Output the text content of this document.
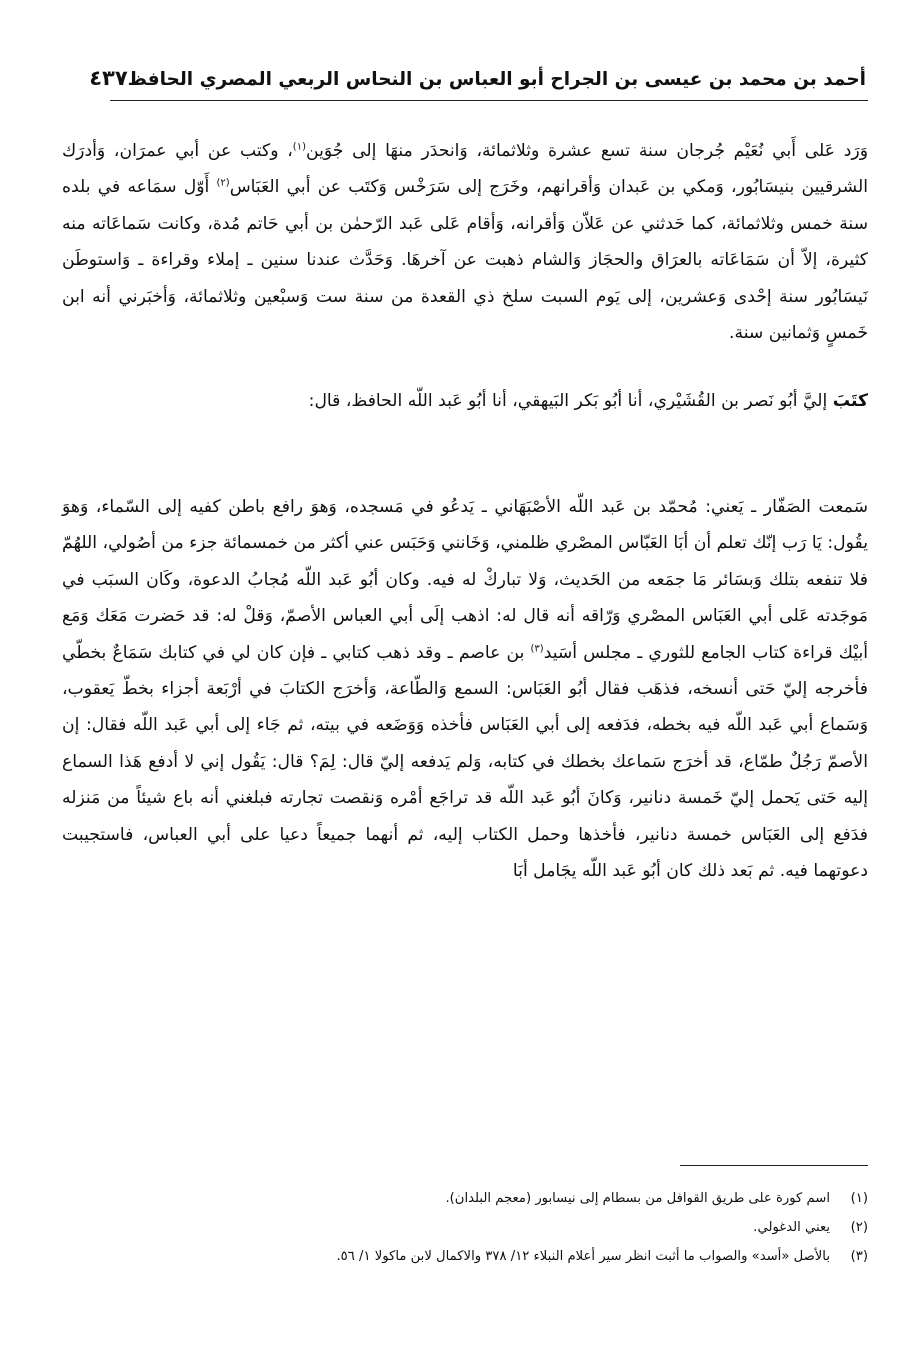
أحمد بن محمد بن عيسى بن الجراح أبو العباس بن النحاس الربعي المصري الحافظ
٤٣٧

وَرَد عَلى أَبي نُعَيْم جُرجان سنة تسع عشرة وثلاثمائة، وَانحدَر منهَا إلى جُوَين$^{(١)}$، وكتب عن أبي عمرَان، وَأدرَك الشرقيين بنيسَابُور، وَمكي بن عَبدان وَأقرانهم، وخَرَج إلى سَرَخْس وَكتَب عن أبي العَبَاس$^{(٢)}$ أَوّل سمَاعه في بلده سنة خمس وثلاثمائة، كما حَدثني عن عَلاّن وَأقرانه، وَأقام عَلى عَبد الرّحمٰن بن أبي حَاتم مُدة، وكانت سَماعَاته منه كثيرة، إلاّ أن سَمَاعَاته بالعرَاق والحجَاز وَالشام ذهبت عن آخرهَا. وَحَدَّث عندنا سنين ـ إملاء وقراءة ـ وَاستوطَن نَيسَابُور سنة إحْدى وَعشرين، إلى يَوم السبت سلخ ذي القعدة من سنة ست وَسبْعين وثلاثمائة، وَأخبَرني أنه ابن خَمسٍ وَثمانين سنة.

كتَبَ إليَّ أبُو نَصر بن القُشَيْري، أنا أبُو بَكر البَيهقي، أنا أبُو عَبد اللّه الحافظ، قال:

سَمعت الصَفّار ـ يَعني: مُحمّد بن عَبد اللّه الأصْبَهَاني ـ يَدعُو في مَسجده، وَهوَ رافع باطن كفيه إلى السّماء، وَهوَ يقُول: يَا رَب إنّك تعلم أن أبَا العَبّاس المصْري ظلمني، وَخَانني وَحَبَس عني أكثر من خمسمائة جزء من أصُولي، اللهُمّ فلا تنفعه بتلك وَبسَائر مَا جمَعه من الحَديث، وَلا تباركْ له فيه. وكان أبُو عَبد اللّه مُجابُ الدعوة، وكَان السبَب في مَوجَدته عَلى أبي العَبَاس المصْري وَرّاقه أنه قال له: اذهب إلَى أبي العباس الأصمّ، وَقلْ له: قد حَضرت مَعَك وَمَع أبيْك قراءة كتاب الجامع للثوري ـ مجلس أسَيد$^{(٣)}$ بن عاصم ـ وقد ذهب كتابي ـ فإن كان لي في كتابك سَمَاعٌ بخطّي فأخرجه إليّ حَتى أنسخه، فذهَب فقال أبُو العَبَاس: السمع وَالطّاعة، وَأخرَج الكتابَ في أرْبَعة أجزاء بخطّ يَعقوب، وَسَماع أبي عَبد اللّه فيه بخطه، فدَفعه إلى أبي العَبَاس فأخذه وَوَضَعه في بيته، ثم جَاء إلى أبي عَبد اللّه فقال: إن الأصمّ رَجُلٌ طمّاع، قد أخرَج سَماعك بخطك في كتابه، وَلم يَدفعه إليّ قال: لِمَ؟ قال: يَقُول إني لا أدفع هَذا السماع إليه حَتى يَحمل إليّ خَمسة دنانير، وَكانَ أبُو عَبد اللّه قد تراجَع أمْره وَنقصت تجارته فبلغني أنه باع شيئاً من مَنزله فدَفع إلى العَبَاس خمسة دنانير، فأخذها وحمل الكتاب إليه، ثم أنهما جميعاً دعيا على أبي العباس، فاستجيبت دعوتهما فيه. ثم بَعد ذلك كان أبُو عَبد اللّه يجَامل أبَا

(١)
اسم كورة على طريق القوافل من بسطام إلى نيسابور (معجم البلدان).
(٢)
يعني الدغولي.
(٣)
بالأصل «أسد» والصواب ما أثبت انظر سير أعلام النبلاء ١٢/ ٣٧٨ والاكمال لابن ماكولا ١/ ٥٦.
